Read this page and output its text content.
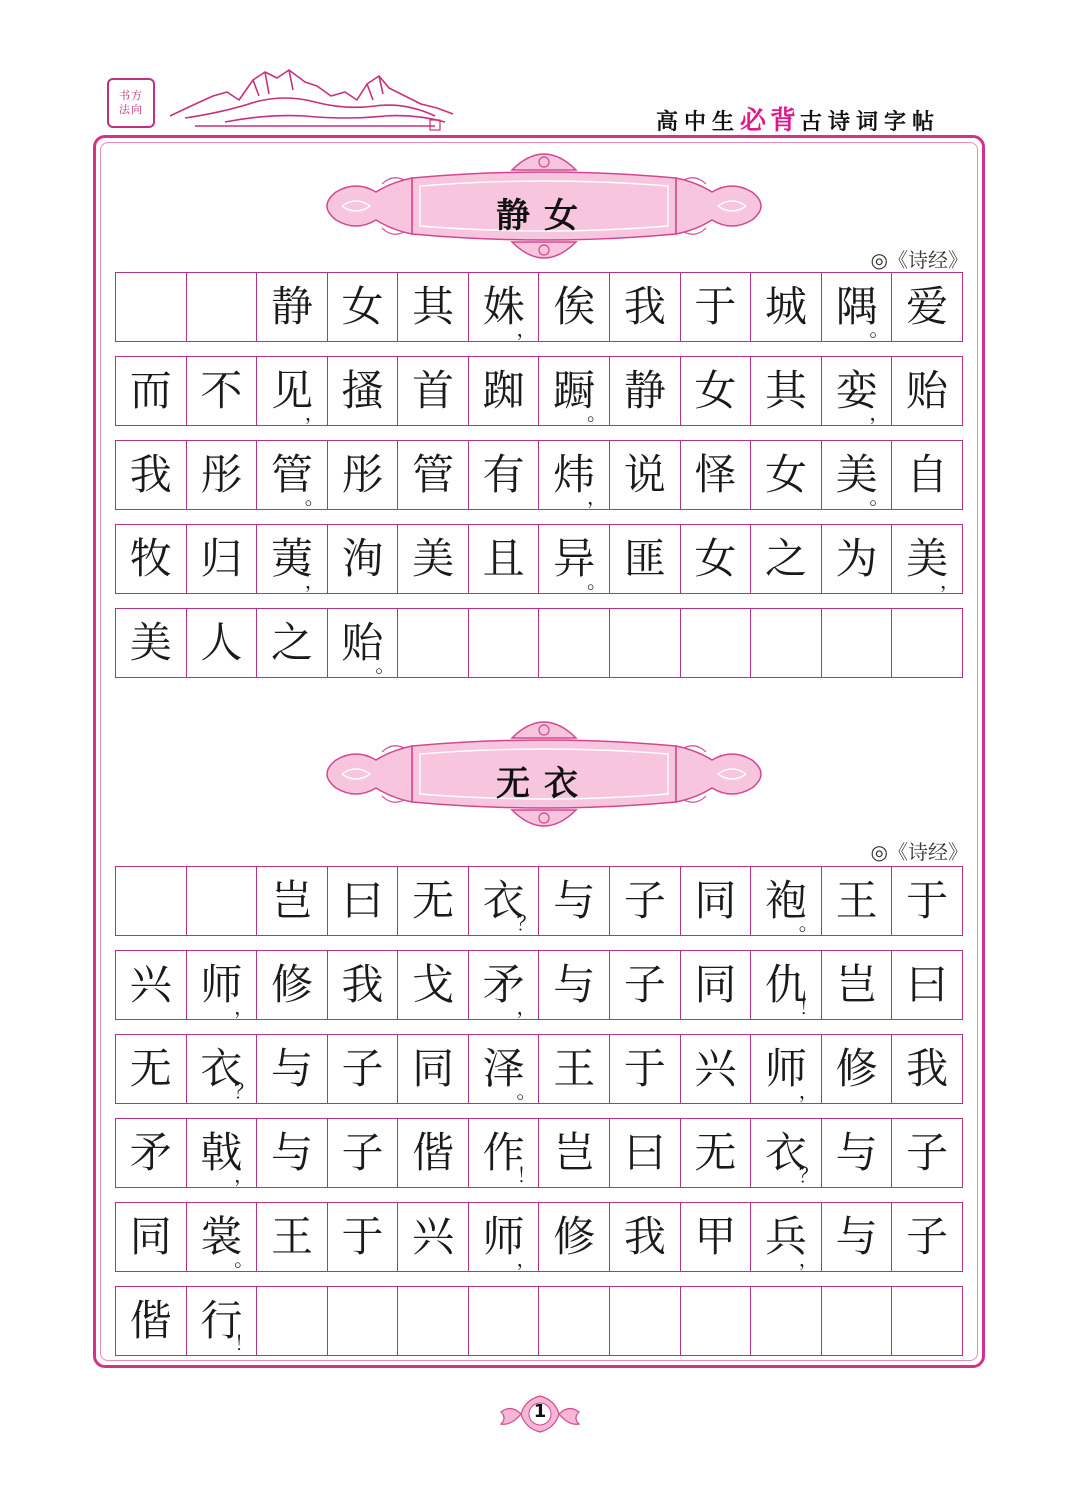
书方
法向
高中生必背古诗词字帖
静女
◎《诗经》
静 女 其 姝
， 俟 我 于 城 隅
。 爱
而 不 见
， 搔 首 踟 蹰
。 静 女 其 娈
， 贻
我 彤 管
。 彤 管 有 炜
， 说 怿 女 美
。 自
牧 归 荑
， 洵 美 且 异
。 匪 女 之 为 美
，
美 人 之 贻
。
无衣
◎《诗经》
岂 曰 无 衣
？ 与 子 同 袍
。 王 于
兴 师
， 修 我 戈 矛
， 与 子 同 仇
！ 岂 曰
无 衣
？ 与 子 同 泽
。 王 于 兴 师
， 修 我
矛 戟
， 与 子 偕 作
！ 岂 曰 无 衣
？ 与 子
同 裳
。 王 于 兴 师
， 修 我 甲 兵
， 与 子
偕 行
！
1
